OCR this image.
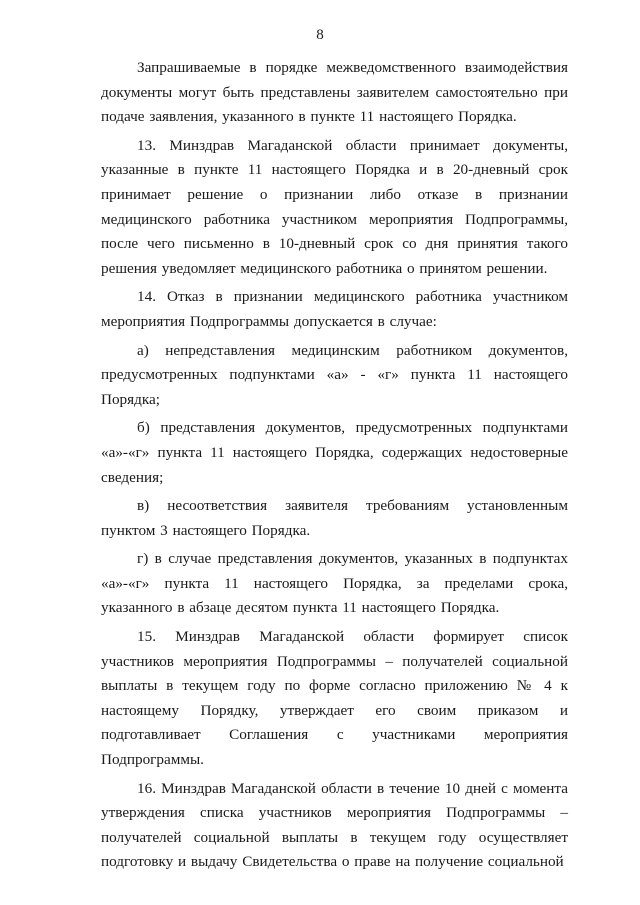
8

Запрашиваемые в порядке межведомственного взаимодействия документы могут быть представлены заявителем самостоятельно при подаче заявления, указанного в пункте 11 настоящего Порядка.

13. Минздрав Магаданской области принимает документы, указанные в пункте 11 настоящего Порядка и в 20-дневный срок принимает решение о признании либо отказе в признании медицинского работника участником мероприятия Подпрограммы, после чего письменно в 10-дневный срок со дня принятия такого решения уведомляет медицинского работника о принятом решении.

14. Отказ в признании медицинского работника участником мероприятия Подпрограммы допускается в случае:

а) непредставления медицинским работником документов, предусмотренных подпунктами «а» - «г» пункта 11 настоящего Порядка;

б) представления документов, предусмотренных подпунктами «а»-«г» пункта 11 настоящего Порядка, содержащих недостоверные сведения;

в) несоответствия заявителя требованиям установленным пунктом 3 настоящего Порядка.

г) в случае представления документов, указанных в подпунктах «а»-«г» пункта 11 настоящего Порядка, за пределами срока, указанного в абзаце десятом пункта 11 настоящего Порядка.

15. Минздрав Магаданской области формирует список участников мероприятия Подпрограммы – получателей социальной выплаты в текущем году по форме согласно приложению № 4 к настоящему Порядку, утверждает его своим приказом и подготавливает Соглашения с участниками мероприятия Подпрограммы.

16. Минздрав Магаданской области в течение 10 дней с момента утверждения списка участников мероприятия Подпрограммы – получателей социальной выплаты в текущем году осуществляет подготовку и выдачу Свидетельства о праве на получение социальной
